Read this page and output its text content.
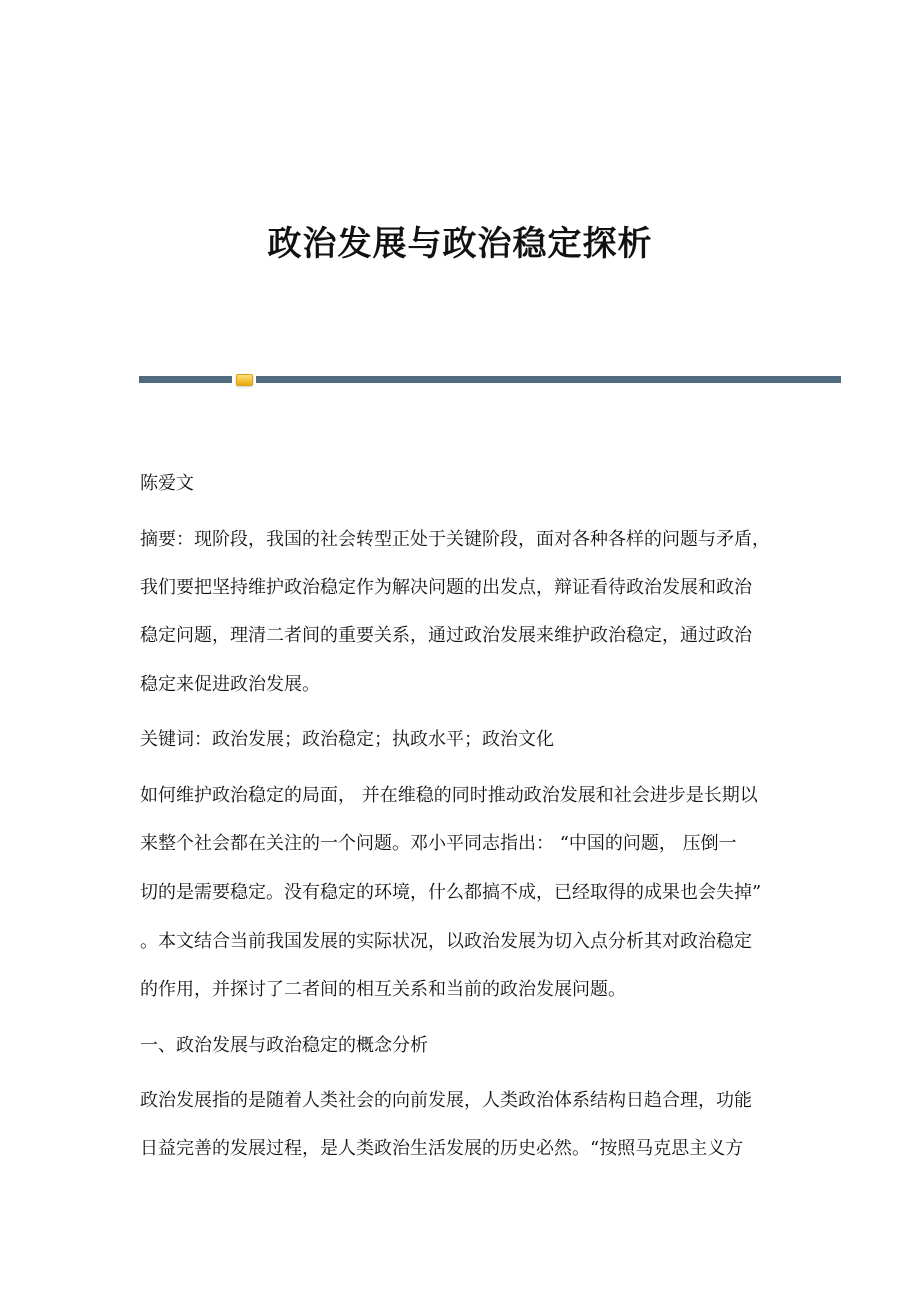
政治发展与政治稳定探析
陈爱文
摘要：现阶段，我国的社会转型正处于关键阶段，面对各种各样的问题与矛盾，
我们要把坚持维护政治稳定作为解决问题的出发点，辩证看待政治发展和政治
稳定问题，理清二者间的重要关系，通过政治发展来维护政治稳定，通过政治
稳定来促进政治发展。
关键词：政治发展；政治稳定；执政水平；政治文化
如何维护政治稳定的局面， 并在维稳的同时推动政治发展和社会进步是长期以
来整个社会都在关注的一个问题。邓小平同志指出： “中国的问题， 压倒一
切的是需要稳定。没有稳定的环境，什么都搞不成，已经取得的成果也会失掉”
。本文结合当前我国发展的实际状况，以政治发展为切入点分析其对政治稳定
的作用，并探讨了二者间的相互关系和当前的政治发展问题。
一、政治发展与政治稳定的概念分析
政治发展指的是随着人类社会的向前发展，人类政治体系结构日趋合理，功能
日益完善的发展过程，是人类政治生活发展的历史必然。“按照马克思主义方
